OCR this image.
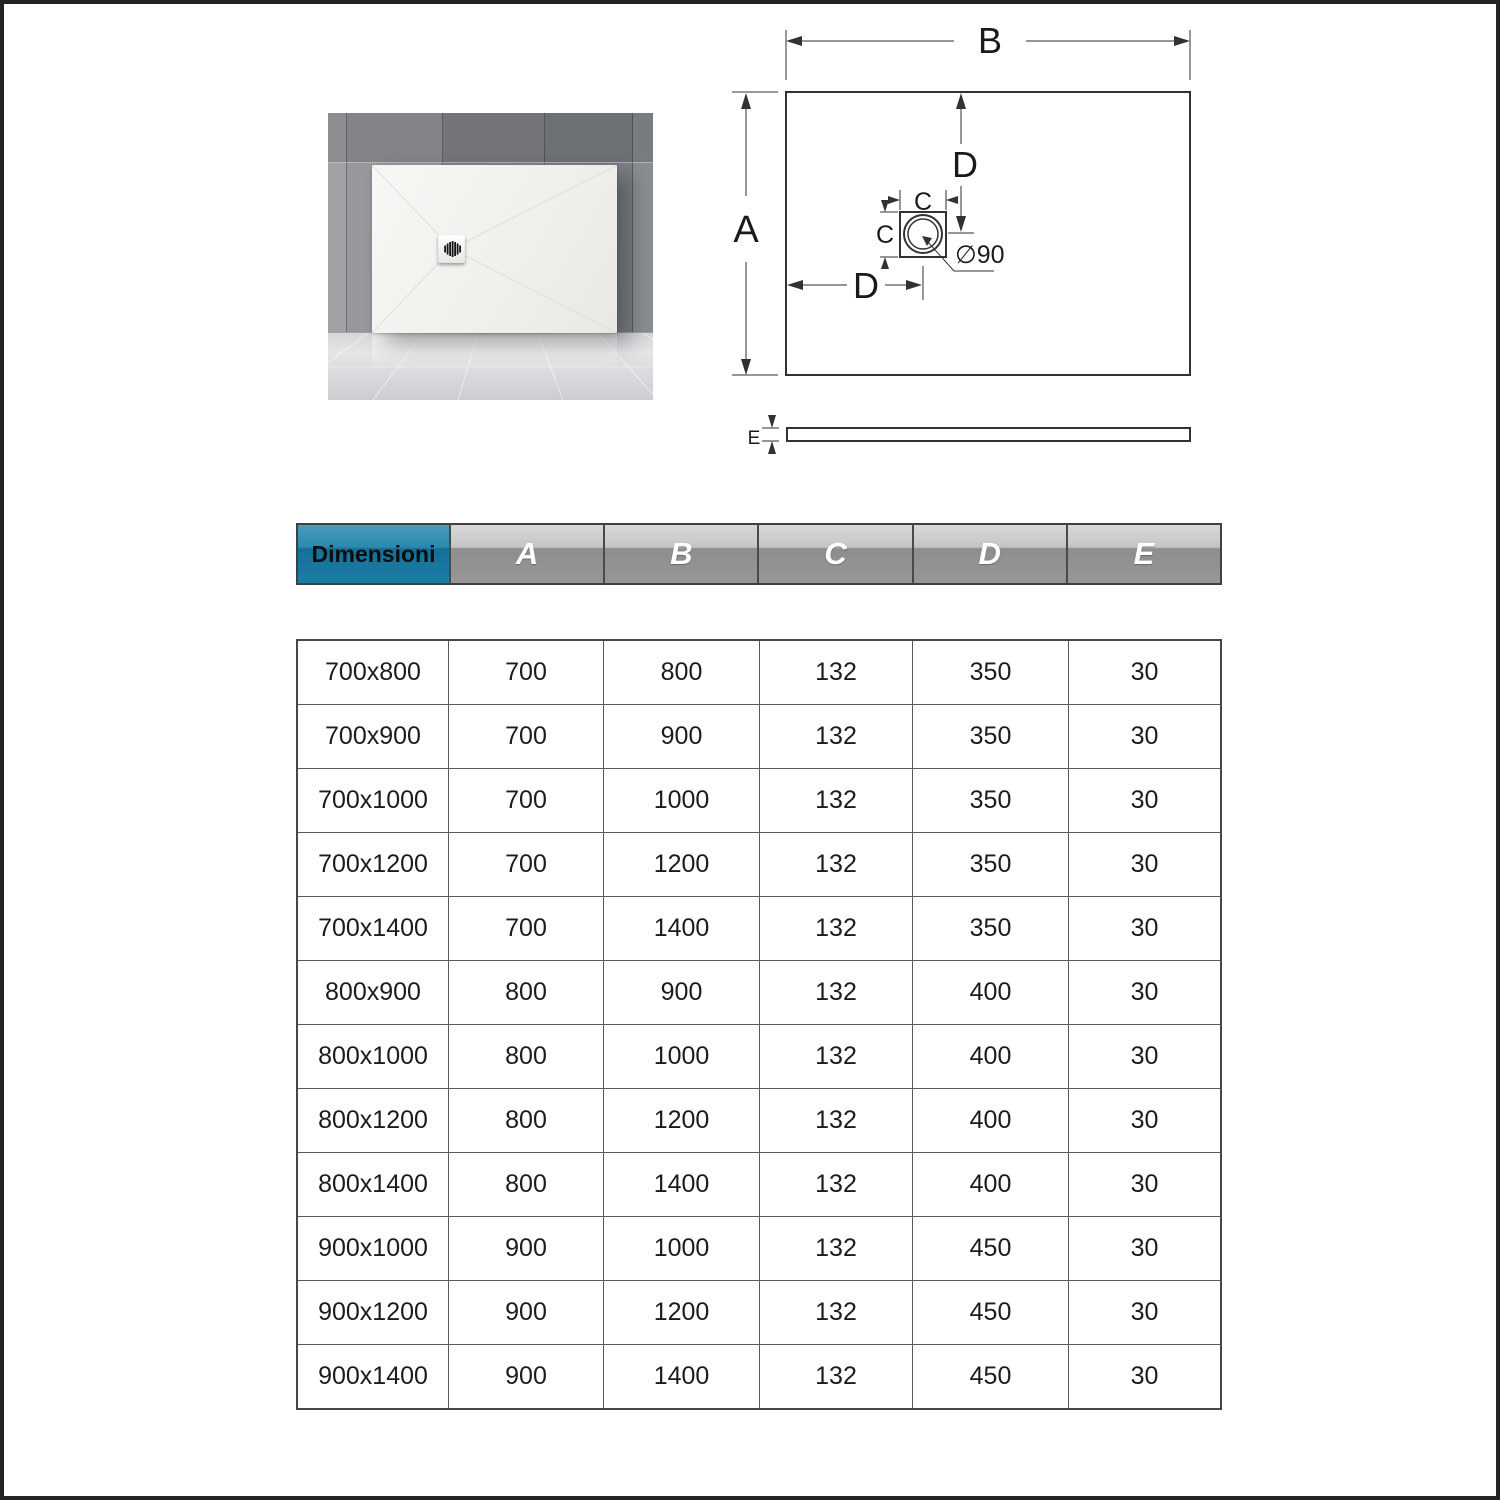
B
A
D
D
C
C
∅90
E
Dimensioni	A	B	C	D	E
700x800	700	800	132	350	30
700x900	700	900	132	350	30
700x1000	700	1000	132	350	30
700x1200	700	1200	132	350	30
700x1400	700	1400	132	350	30
800x900	800	900	132	400	30
800x1000	800	1000	132	400	30
800x1200	800	1200	132	400	30
800x1400	800	1400	132	400	30
900x1000	900	1000	132	450	30
900x1200	900	1200	132	450	30
900x1400	900	1400	132	450	30
